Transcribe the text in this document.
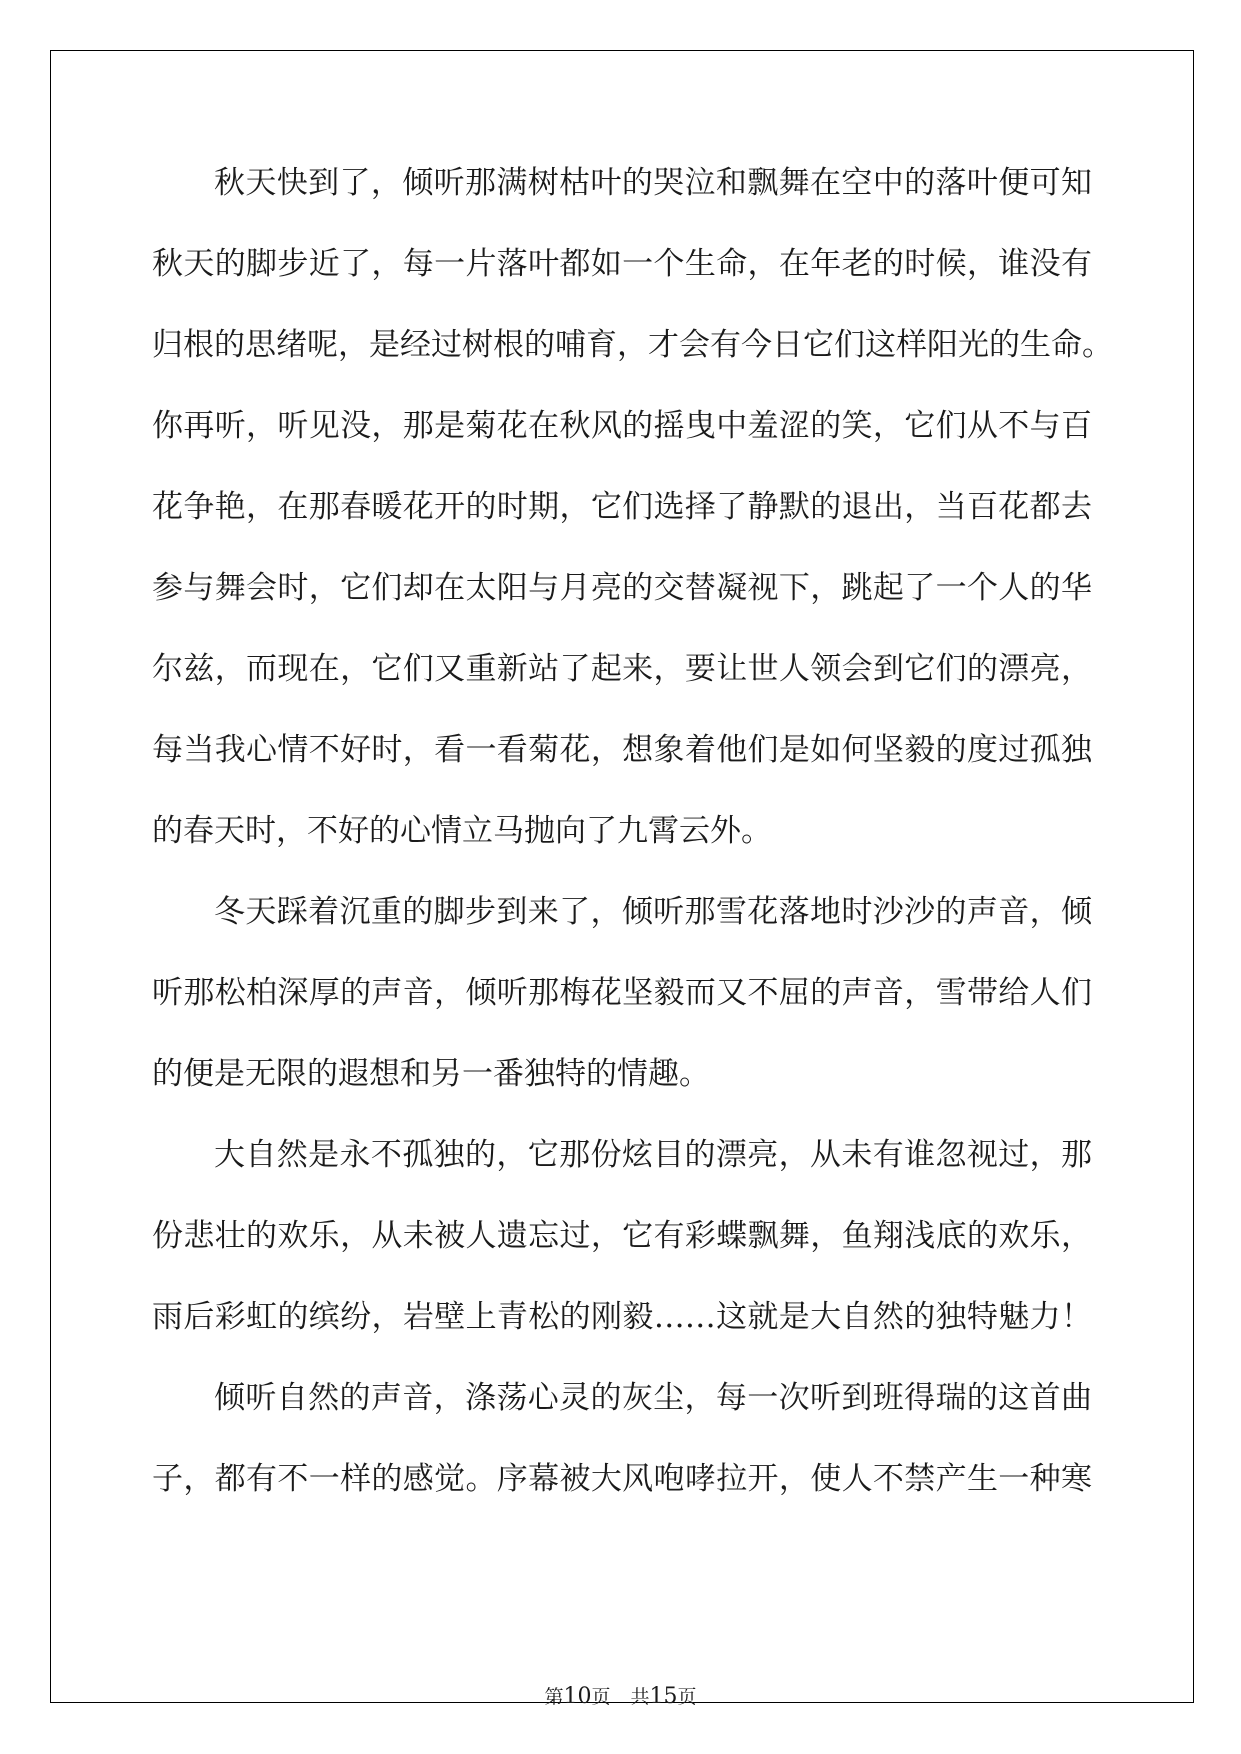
秋天快到了，倾听那满树枯叶的哭泣和飘舞在空中的落叶便可知
秋天的脚步近了，每一片落叶都如一个生命，在年老的时候，谁没有
归根的思绪呢，是经过树根的哺育，才会有今日它们这样阳光的生命。
你再听，听见没，那是菊花在秋风的摇曳中羞涩的笑，它们从不与百
花争艳，在那春暖花开的时期，它们选择了静默的退出，当百花都去
参与舞会时，它们却在太阳与月亮的交替凝视下，跳起了一个人的华
尔兹，而现在，它们又重新站了起来，要让世人领会到它们的漂亮，
每当我心情不好时，看一看菊花，想象着他们是如何坚毅的度过孤独
的春天时，不好的心情立马抛向了九霄云外。
冬天踩着沉重的脚步到来了，倾听那雪花落地时沙沙的声音，倾
听那松柏深厚的声音，倾听那梅花坚毅而又不屈的声音，雪带给人们
的便是无限的遐想和另一番独特的情趣。
大自然是永不孤独的，它那份炫目的漂亮，从未有谁忽视过，那
份悲壮的欢乐，从未被人遗忘过，它有彩蝶飘舞，鱼翔浅底的欢乐，
雨后彩虹的缤纷，岩壁上青松的刚毅……这就是大自然的独特魅力！
倾听自然的声音，涤荡心灵的灰尘，每一次听到班得瑞的这首曲
子，都有不一样的感觉。序幕被大风咆哮拉开，使人不禁产生一种寒
第10页 共15页
